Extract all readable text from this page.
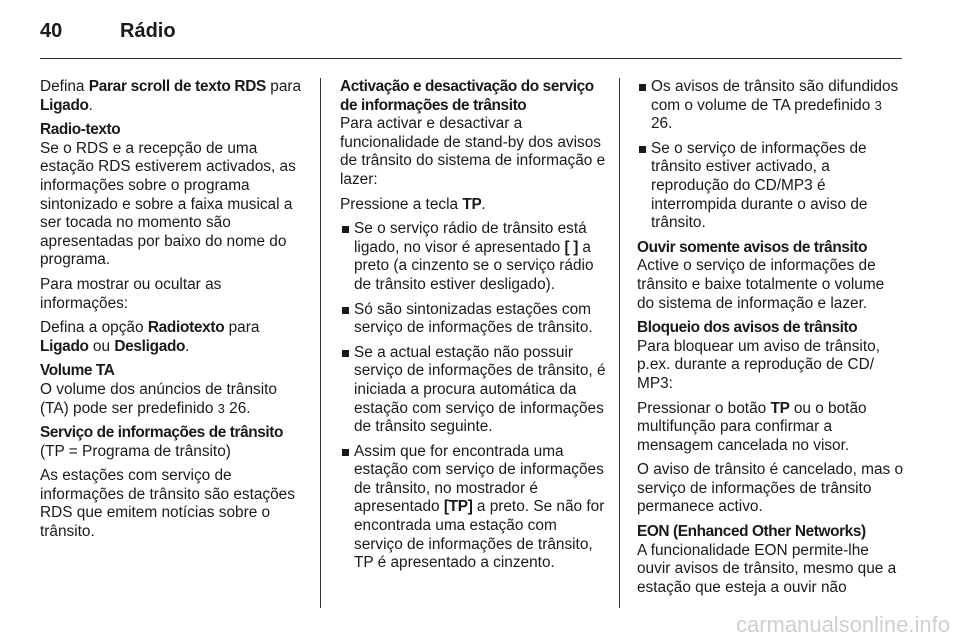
40	Rádio

Defina Parar scroll de texto RDS para
Ligado.

Radio-texto

Se o RDS e a recepção de uma estação RDS estiverem activados, as informações sobre o programa sintonizado e sobre a faixa musical a ser tocada no momento são apresentadas por baixo do nome do programa.

Para mostrar ou ocultar as informações:

Defina a opção Radiotexto para
Ligado ou Desligado.

Volume TA

O volume dos anúncios de trânsito (TA) pode ser predefinido 3 26.

Serviço de informações de trânsito

(TP = Programa de trânsito)

As estações com serviço de informações de trânsito são estações RDS que emitem notícias sobre o trânsito.

Activação e desactivação do serviço de informações de trânsito

Para activar e desactivar a funcionalidade de stand-by dos avisos de trânsito do sistema de informação e lazer:

Pressione a tecla TP.

Se o serviço rádio de trânsito está ligado, no visor é apresentado [ ] a preto (a cinzento se o serviço rádio de trânsito estiver desligado).
Só são sintonizadas estações com serviço de informações de trânsito.
Se a actual estação não possuir serviço de informações de trânsito, é iniciada a procura automática da estação com serviço de informações de trânsito seguinte.
Assim que for encontrada uma estação com serviço de informações de trânsito, no mostrador é apresentado [TP] a preto. Se não for encontrada uma estação com serviço de informações de trânsito, TP é apresentado a cinzento.
Os avisos de trânsito são difundidos com o volume de TA predefinido 3 26.
Se o serviço de informações de trânsito estiver activado, a reprodução do CD/MP3 é interrompida durante o aviso de trânsito.
Ouvir somente avisos de trânsito

Active o serviço de informações de trânsito e baixe totalmente o volume do sistema de informação e lazer.

Bloqueio dos avisos de trânsito

Para bloquear um aviso de trânsito, p.ex. durante a reprodução de CD/ MP3:

Pressionar o botão TP ou o botão multifunção para confirmar a mensagem cancelada no visor.

O aviso de trânsito é cancelado, mas o serviço de informações de trânsito permanece activo.

EON (Enhanced Other Networks)

A funcionalidade EON permite-lhe ouvir avisos de trânsito, mesmo que a estação que esteja a ouvir não

carmanualsonline.info
